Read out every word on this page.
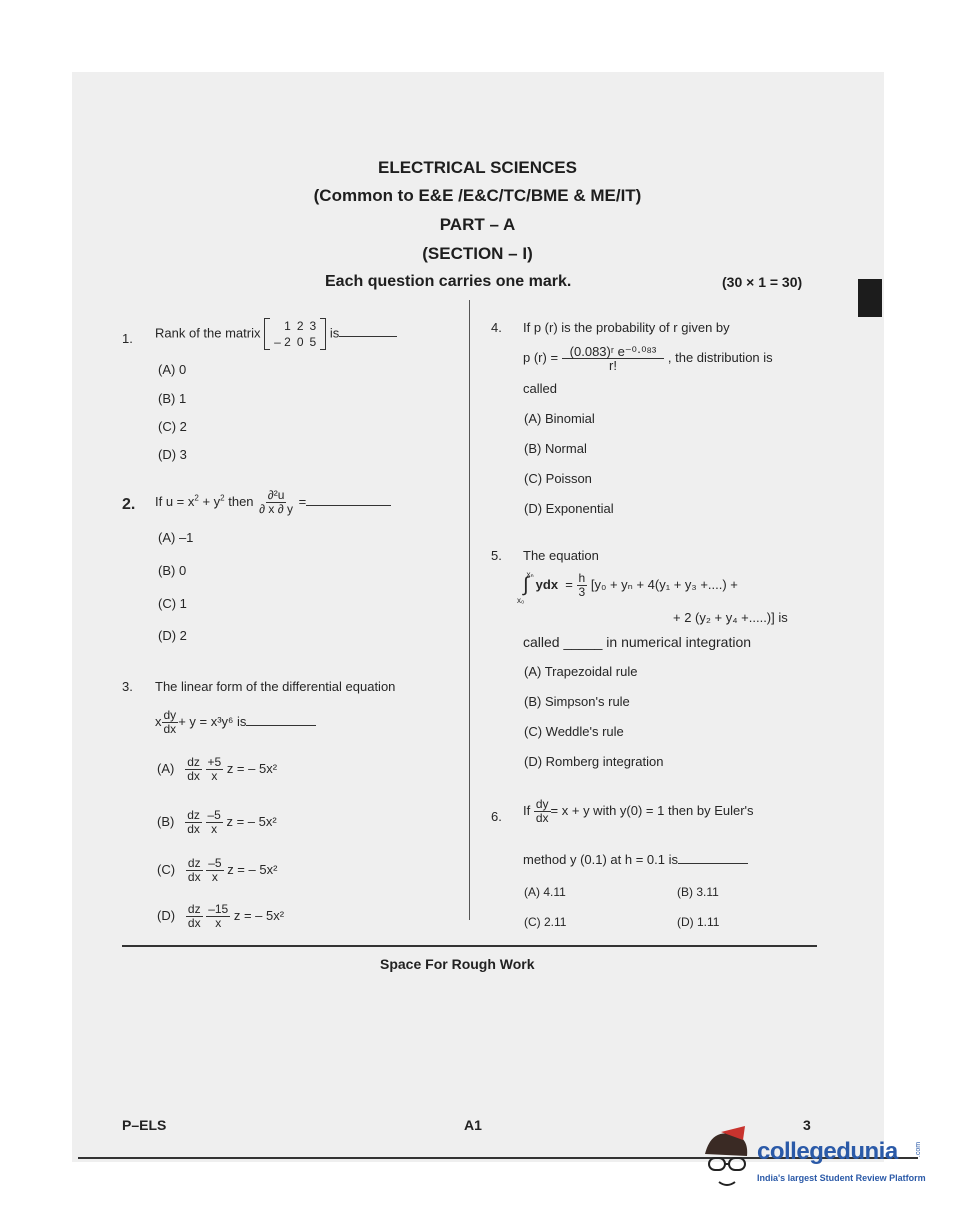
ELECTRICAL SCIENCES
(Common to E&E /E&C/TC/BME & ME/IT)
PART – A
(SECTION – I)
Each question carries one mark.	(30 × 1 = 30)
1. Rank of the matrix 1	2	3
– 2	0	5
is
(A) 0
(B) 1
(C) 2
(D) 3
2. If $u = x^2 + y^2$ then $\frac{\text{∂²u}}{\partial x \partial y}$ =
(A) –1
(B) 0
(C) 1
(D) 2
3. The linear form of the differential equation
x $\frac{dy}{dx} + y = x^3y^6$ is
$(A) \frac{dz}{dx}$
$\frac{+5}{x}$ z = – 5x²
$(B) \frac{dz}{dx}$
$\frac{-5}{x}$ z = – 5x²
$(C) \frac{dz}{dx}$
$\frac{-5}{x}$ z = – 5x²
$(D) \frac{dz}{dx}$
$\frac{-15}{x}$ z = – 5x²
4. If p (r) is the probability of r given by
p $(r) = \frac{\text{(0.083)ʳ e⁻⁰·⁰⁸³}}{r!}$ , the distribution is
called
(A) Binomial
(B) Normal
(C) Poisson
(D) Exponential
5. The equation
$\int^{x_n}ydx = \frac{h}{3} [y_0 + y_n + 4(y_1 + y_3$ +....) +
x₀
+ 2 (y₂ + y₄ +.....)] is
called _____ in numerical integration
(A) Trapezoidal rule
(B) Simpson's rule
(C) Weddle's rule
(D) Romberg integration
6. If $\frac{dy}{dx} = x + y$ with y(0) = 1 then by Euler's
method y (0.1) at h = 0.1 is
(A) 4.11	(B) 3.11
(C) 2.11	(D) 1.11
Space For Rough Work
P–ELS	A1	3
collegedunia .com
India's largest Student Review Platform
